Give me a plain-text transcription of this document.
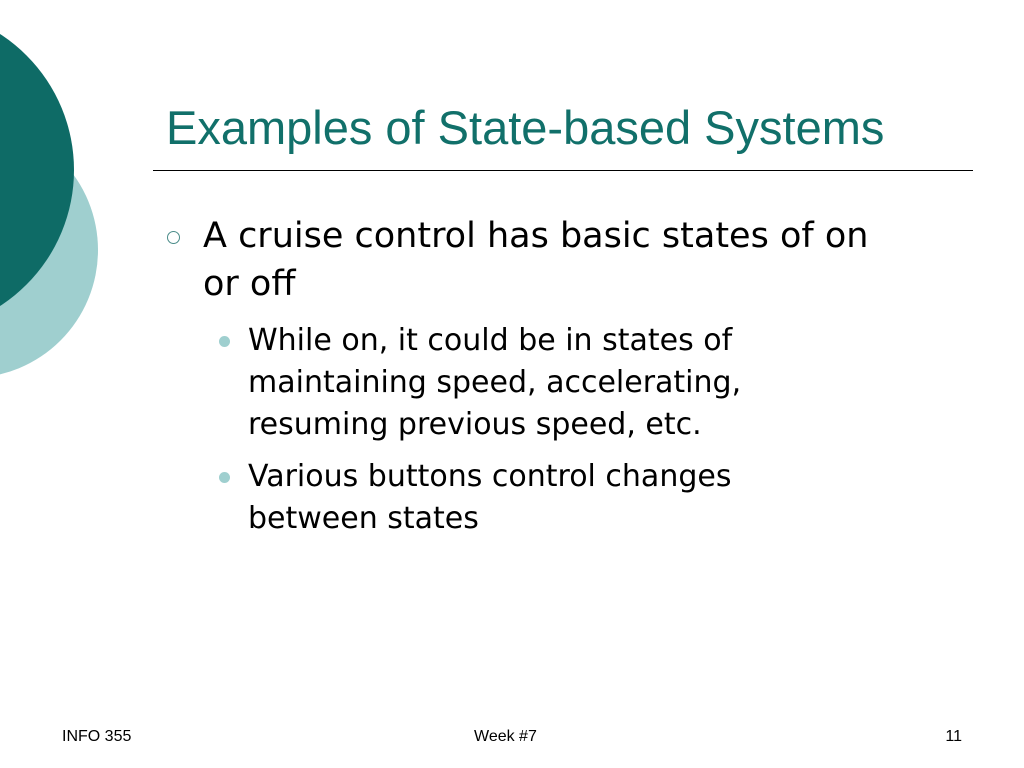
Examples of State-based Systems
A cruise control has basic states of on or off
While on, it could be in states of maintaining speed, accelerating, resuming previous speed, etc.
Various buttons control changes between states
INFO 355	Week #7	11
